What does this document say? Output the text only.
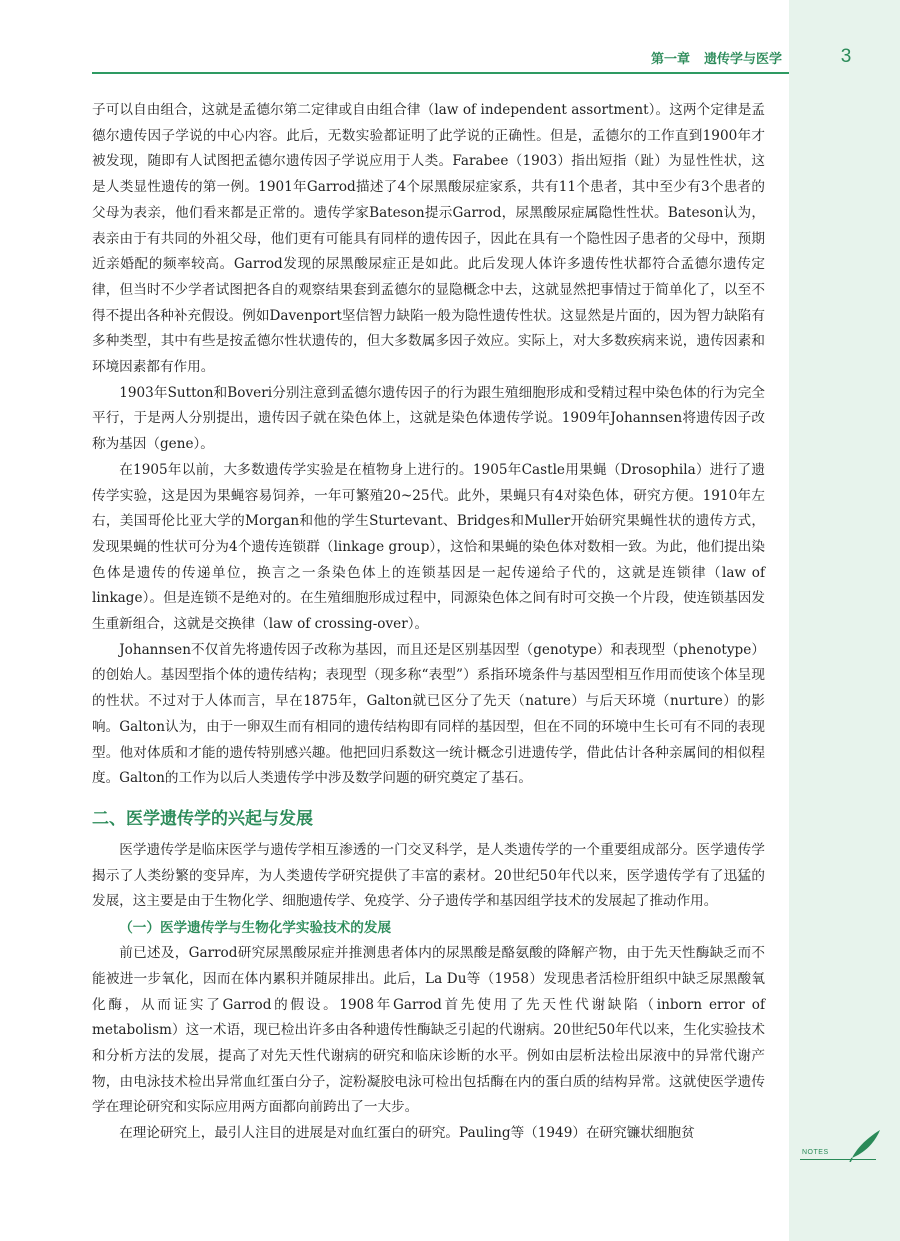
第一章 遗传学与医学	3

子可以自由组合，这就是孟德尔第二定律或自由组合律（law of independent assortment）。这两个定律是孟德尔遗传因子学说的中心内容。此后，无数实验都证明了此学说的正确性。但是，孟德尔的工作直到1900年才被发现，随即有人试图把孟德尔遗传因子学说应用于人类。Farabee（1903）指出短指（趾）为显性性状，这是人类显性遗传的第一例。1901年Garrod描述了4个尿黑酸尿症家系，共有11个患者，其中至少有3个患者的父母为表亲，他们看来都是正常的。遗传学家Bateson提示Garrod，尿黑酸尿症属隐性性状。Bateson认为，表亲由于有共同的外祖父母，他们更有可能具有同样的遗传因子，因此在具有一个隐性因子患者的父母中，预期近亲婚配的频率较高。Garrod发现的尿黑酸尿症正是如此。此后发现人体许多遗传性状都符合孟德尔遗传定律，但当时不少学者试图把各自的观察结果套到孟德尔的显隐概念中去，这就显然把事情过于简单化了，以至不得不提出各种补充假设。例如Davenport坚信智力缺陷一般为隐性遗传性状。这显然是片面的，因为智力缺陷有多种类型，其中有些是按孟德尔性状遗传的，但大多数属多因子效应。实际上，对大多数疾病来说，遗传因素和环境因素都有作用。

1903年Sutton和Boveri分别注意到孟德尔遗传因子的行为跟生殖细胞形成和受精过程中染色体的行为完全平行，于是两人分别提出，遗传因子就在染色体上，这就是染色体遗传学说。1909年Johannsen将遗传因子改称为基因（gene）。

在1905年以前，大多数遗传学实验是在植物身上进行的。1905年Castle用果蝇（Drosophila）进行了遗传学实验，这是因为果蝇容易饲养，一年可繁殖20~25代。此外，果蝇只有4对染色体，研究方便。1910年左右，美国哥伦比亚大学的Morgan和他的学生Sturtevant、Bridges和Muller开始研究果蝇性状的遗传方式，发现果蝇的性状可分为4个遗传连锁群（linkage group），这恰和果蝇的染色体对数相一致。为此，他们提出染色体是遗传的传递单位，换言之一条染色体上的连锁基因是一起传递给子代的，这就是连锁律（law of linkage）。但是连锁不是绝对的。在生殖细胞形成过程中，同源染色体之间有时可交换一个片段，使连锁基因发生重新组合，这就是交换律（law of crossing-over）。

Johannsen不仅首先将遗传因子改称为基因，而且还是区别基因型（genotype）和表现型（phenotype）的创始人。基因型指个体的遗传结构；表现型（现多称“表型”）系指环境条件与基因型相互作用而使该个体呈现的性状。不过对于人体而言，早在1875年，Galton就已区分了先天（nature）与后天环境（nurture）的影响。Galton认为，由于一卵双生而有相同的遗传结构即有同样的基因型，但在不同的环境中生长可有不同的表现型。他对体质和才能的遗传特别感兴趣。他把回归系数这一统计概念引进遗传学，借此估计各种亲属间的相似程度。Galton的工作为以后人类遗传学中涉及数学问题的研究奠定了基石。

二、医学遗传学的兴起与发展

医学遗传学是临床医学与遗传学相互渗透的一门交叉科学，是人类遗传学的一个重要组成部分。医学遗传学揭示了人类纷繁的变异库，为人类遗传学研究提供了丰富的素材。20世纪50年代以来，医学遗传学有了迅猛的发展，这主要是由于生物化学、细胞遗传学、免疫学、分子遗传学和基因组学技术的发展起了推动作用。

（一）医学遗传学与生物化学实验技术的发展

前已述及，Garrod研究尿黑酸尿症并推测患者体内的尿黑酸是酪氨酸的降解产物，由于先天性酶缺乏而不能被进一步氧化，因而在体内累积并随尿排出。此后，La Du等（1958）发现患者活检肝组织中缺乏尿黑酸氧化酶，从而证实了Garrod的假设。1908年Garrod首先使用了先天性代谢缺陷（inborn error of metabolism）这一术语，现已检出许多由各种遗传性酶缺乏引起的代谢病。20世纪50年代以来，生化实验技术和分析方法的发展，提高了对先天性代谢病的研究和临床诊断的水平。例如由层析法检出尿液中的异常代谢产物，由电泳技术检出异常血红蛋白分子，淀粉凝胶电泳可检出包括酶在内的蛋白质的结构异常。这就使医学遗传学在理论研究和实际应用两方面都向前跨出了一大步。

在理论研究上，最引人注目的进展是对血红蛋白的研究。Pauling等（1949）在研究镰状细胞贫

NOTES
